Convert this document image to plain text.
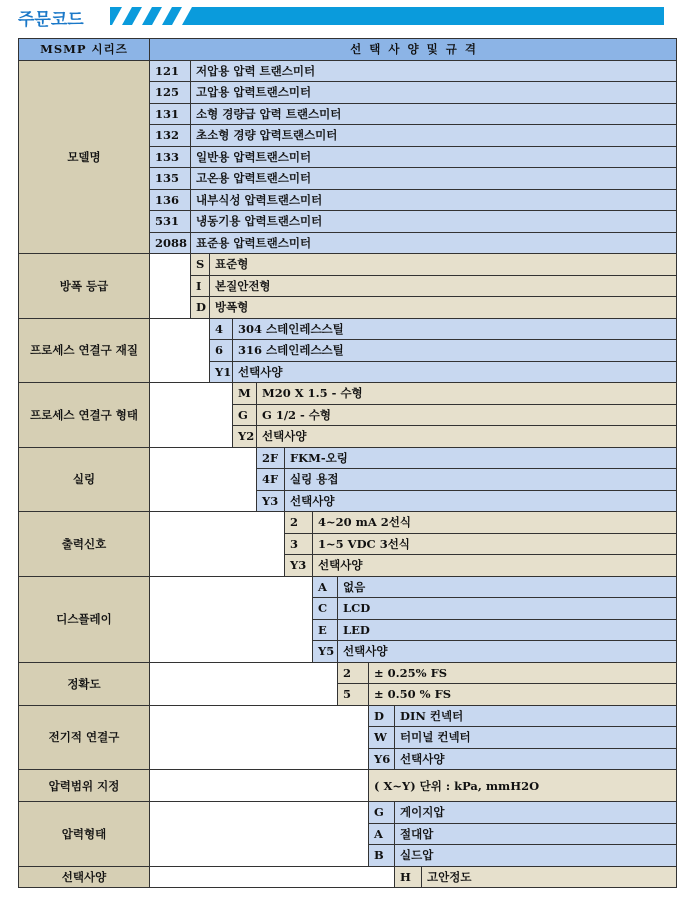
주문코드
MSMP 시리즈	선 택 사 양 및 규 격										
모델명	121	저압용 압력 트랜스미터									
	125	고압용 압력트랜스미터									
	131	소형 경량급 압력 트랜스미터									
	132	초소형 경량 압력트랜스미터									
	133	일반용 압력트랜스미터									
	135	고온용 압력트랜스미터									
	136	내부식성 압력트랜스미터									
	531	냉동기용 압력트랜스미터									
	2088	표준용 압력트랜스미터									
방폭 등급		S	표준형								
		I	본질안전형								
		D	방폭형								
프로세스 연결구 재질			4	304 스테인레스스틸							
			6	316 스테인레스스틸							
			Y1	선택사양							
프로세스 연결구 형태				M	M20 X 1.5 - 수형						
				G	G 1/2 - 수형						
				Y2	선택사양						
실링					2F	FKM-오링					
					4F	실링 용접					
					Y3	선택사양					
출력신호						2	4~20 mA 2선식				
						3	1~5 VDC 3선식				
						Y3	선택사양				
디스플레이							A	없음			
							C	LCD			
							E	LED			
							Y5	선택사양			
정확도								2	± 0.25% FS		
								5	± 0.50 % FS		
전기적 연결구									D	DIN 컨넥터	
									W	터미널 컨넥터	
									Y6	선택사양	
압력범위 지정									( X~Y) 단위 : kPa, mmH2O		
압력형태									G	게이지압	
									A	절대압	
									B	실드압	
선택사양										H	고안정도
